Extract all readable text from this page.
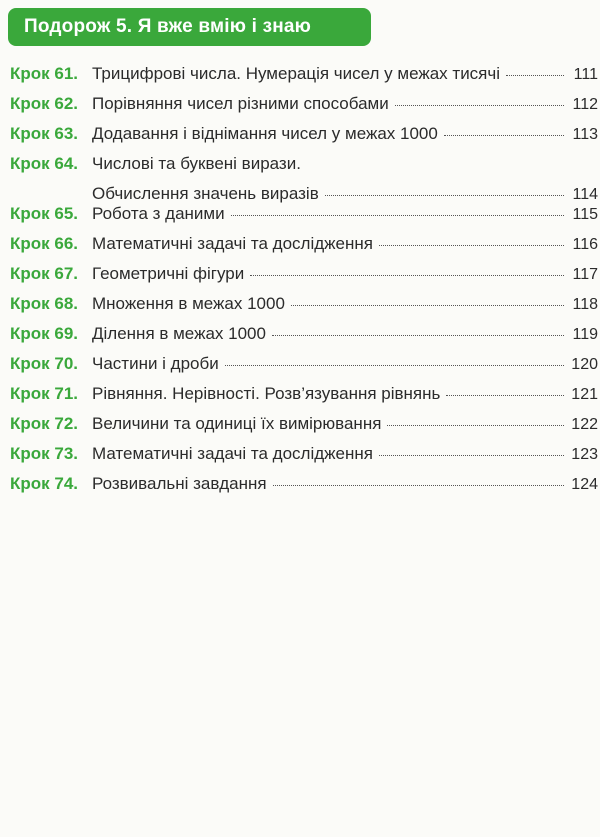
Подорож 5. Я вже вмію і знаю
Крок 61. Трицифрові числа. Нумерація чисел у межах тисячі	111
Крок 62. Порівняння чисел різними способами	112
Крок 63. Додавання і віднімання чисел у межах 1000	113
Крок 64. Числові та буквені вирази.
Обчислення значень виразів	114
Крок 65. Робота з даними	115
Крок 66. Математичні задачі та дослідження	116
Крок 67. Геометричні фігури	117
Крок 68. Множення в межах 1000	118
Крок 69. Ділення в межах 1000	119
Крок 70. Частини і дроби	120
Крок 71. Рівняння. Нерівності. Розв’язування рівнянь	121
Крок 72. Величини та одиниці їх вимірювання	122
Крок 73. Математичні задачі та дослідження	123
Крок 74. Розвивальні завдання	124
